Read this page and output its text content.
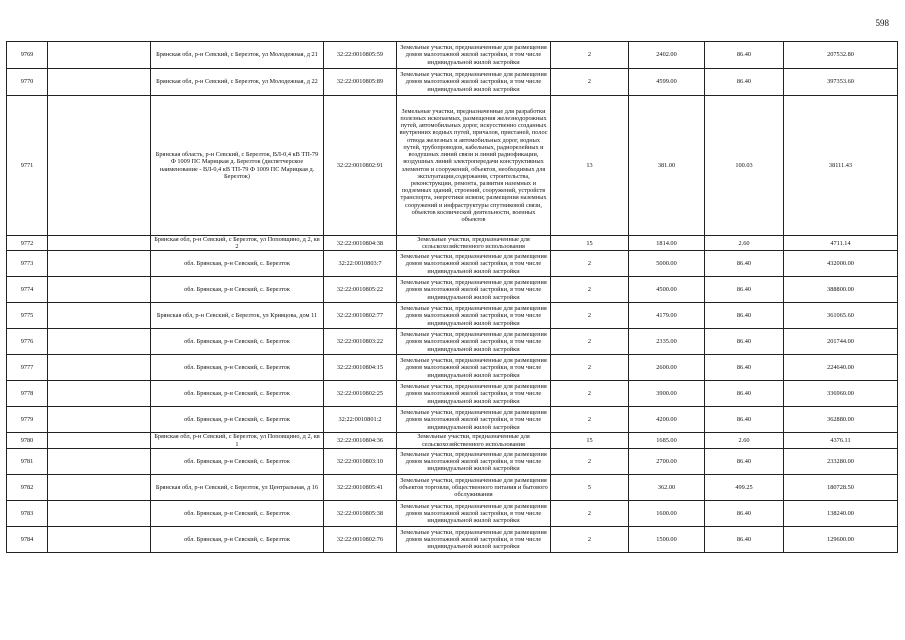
598
9769		Брянская обл, р-н Севский, с Березток, ул Молодежная, д 21	32:22:0010805:59	Земельные участки, предназначенные для размещения домов малоэтажной жилой застройки, в том числе индивидуальной жилой застройки	2	2402.00	86.40	207532.80
9770		Брянская обл, р-н Севский, с Березток, ул Молодежная, д 22	32:22:0010805:89	Земельные участки, предназначенные для размещения домов малоэтажной жилой застройки, в том числе индивидуальной жилой застройки	2	4599.00	86.40	397353.60
9771		Брянская область, р-н Севский, с Березток, ВЛ-0,4 кВ ТП-79 Ф 1009 ПС Марицкая д. Березток (диспетчерское наименование - ВЛ-0,4 кВ ТП-79 Ф 1009 ПС Марицкая д. Березток)	32:22:0010802:91	Земельные участки, предназначенные для разработки полезных ископаемых, размещения железнодорожных путей, автомобильных дорог, искусственно созданных внутренних водных путей, причалов, пристаней, полос отвода железных и автомобильных дорог, водных путей, трубопроводов, кабельных, радиорелейных и воздушных линий связи и линий радиофикации, воздушных линий электропередачи конструктивных элементов и сооружений, объектов, необходимых для эксплуатации,содержания, строительства, реконструкции, ремонта, развития наземных и подземных зданий, строений, сооружений, устройств транспорта, энергетики исвязи; размещения наземных сооружений и инфраструктуры спутниковой связи, объектов космической деятельности, военных объектов	13	381.00	100.03	38111.43
9772		Брянская обл, р-н Севский, с Березток, ул Поповщино, д 2, кв 2	32:22:0010804:38	Земельные участки, предназначенные для сельскохозяйственного использования	15	1814.00	2.60	4711.14
9773		обл. Брянская, р-н Севский, с. Березток	32:22:0010803:7	Земельные участки, предназначенные для размещения домов малоэтажной жилой застройки, в том числе индивидуальной жилой застройки	2	5000.00	86.40	432000.00
9774		обл. Брянская, р-н Севский, с. Березток	32:22:0010805:22	Земельные участки, предназначенные для размещения домов малоэтажной жилой застройки, в том числе индивидуальной жилой застройки	2	4500.00	86.40	388800.00
9775		Брянская обл, р-н Севский, с Березток, ул Кривцова, дом 11	32:22:0010802:77	Земельные участки, предназначенные для размещения домов малоэтажной жилой застройки, в том числе индивидуальной жилой застройки	2	4179.00	86.40	361065.60
9776		обл. Брянская, р-н Севский, с. Березток	32:22:0010803:22	Земельные участки, предназначенные для размещения домов малоэтажной жилой застройки, в том числе индивидуальной жилой застройки	2	2335.00	86.40	201744.00
9777		обл. Брянская, р-н Севский, с. Березток	32:22:0010804:15	Земельные участки, предназначенные для размещения домов малоэтажной жилой застройки, в том числе индивидуальной жилой застройки	2	2600.00	86.40	224640.00
9778		обл. Брянская, р-н Севский, с. Березток	32:22:0010802:25	Земельные участки, предназначенные для размещения домов малоэтажной жилой застройки, в том числе индивидуальной жилой застройки	2	3900.00	86.40	336960.00
9779		обл. Брянская, р-н Севский, с. Березток	32:22:0010801:2	Земельные участки, предназначенные для размещения домов малоэтажной жилой застройки, в том числе индивидуальной жилой застройки	2	4200.00	86.40	362880.00
9780		Брянская обл, р-н Севский, с Березток, ул Поповщино, д 2, кв 1	32:22:0010804:36	Земельные участки, предназначенные для сельскохозяйственного использования	15	1685.00	2.60	4376.11
9781		обл. Брянская, р-н Севский, с. Березток	32:22:0010803:10	Земельные участки, предназначенные для размещения домов малоэтажной жилой застройки, в том числе индивидуальной жилой застройки	2	2700.00	86.40	233280.00
9782		Брянская обл, р-н Севский, с Березток, ул Центральная, д 16	32:22:0010805:41	Земельные участки, предназначенные для размещения объектов торговли, общественного питания и бытового обслуживания	5	362.00	499.25	180728.50
9783		обл. Брянская, р-н Севский, с. Березток	32:22:0010805:38	Земельные участки, предназначенные для размещения домов малоэтажной жилой застройки, в том числе индивидуальной жилой застройки	2	1600.00	86.40	138240.00
9784		обл. Брянская, р-н Севский, с. Березток	32:22:0010802:76	Земельные участки, предназначенные для размещения домов малоэтажной жилой застройки, в том числе индивидуальной жилой застройки	2	1500.00	86.40	129600.00
